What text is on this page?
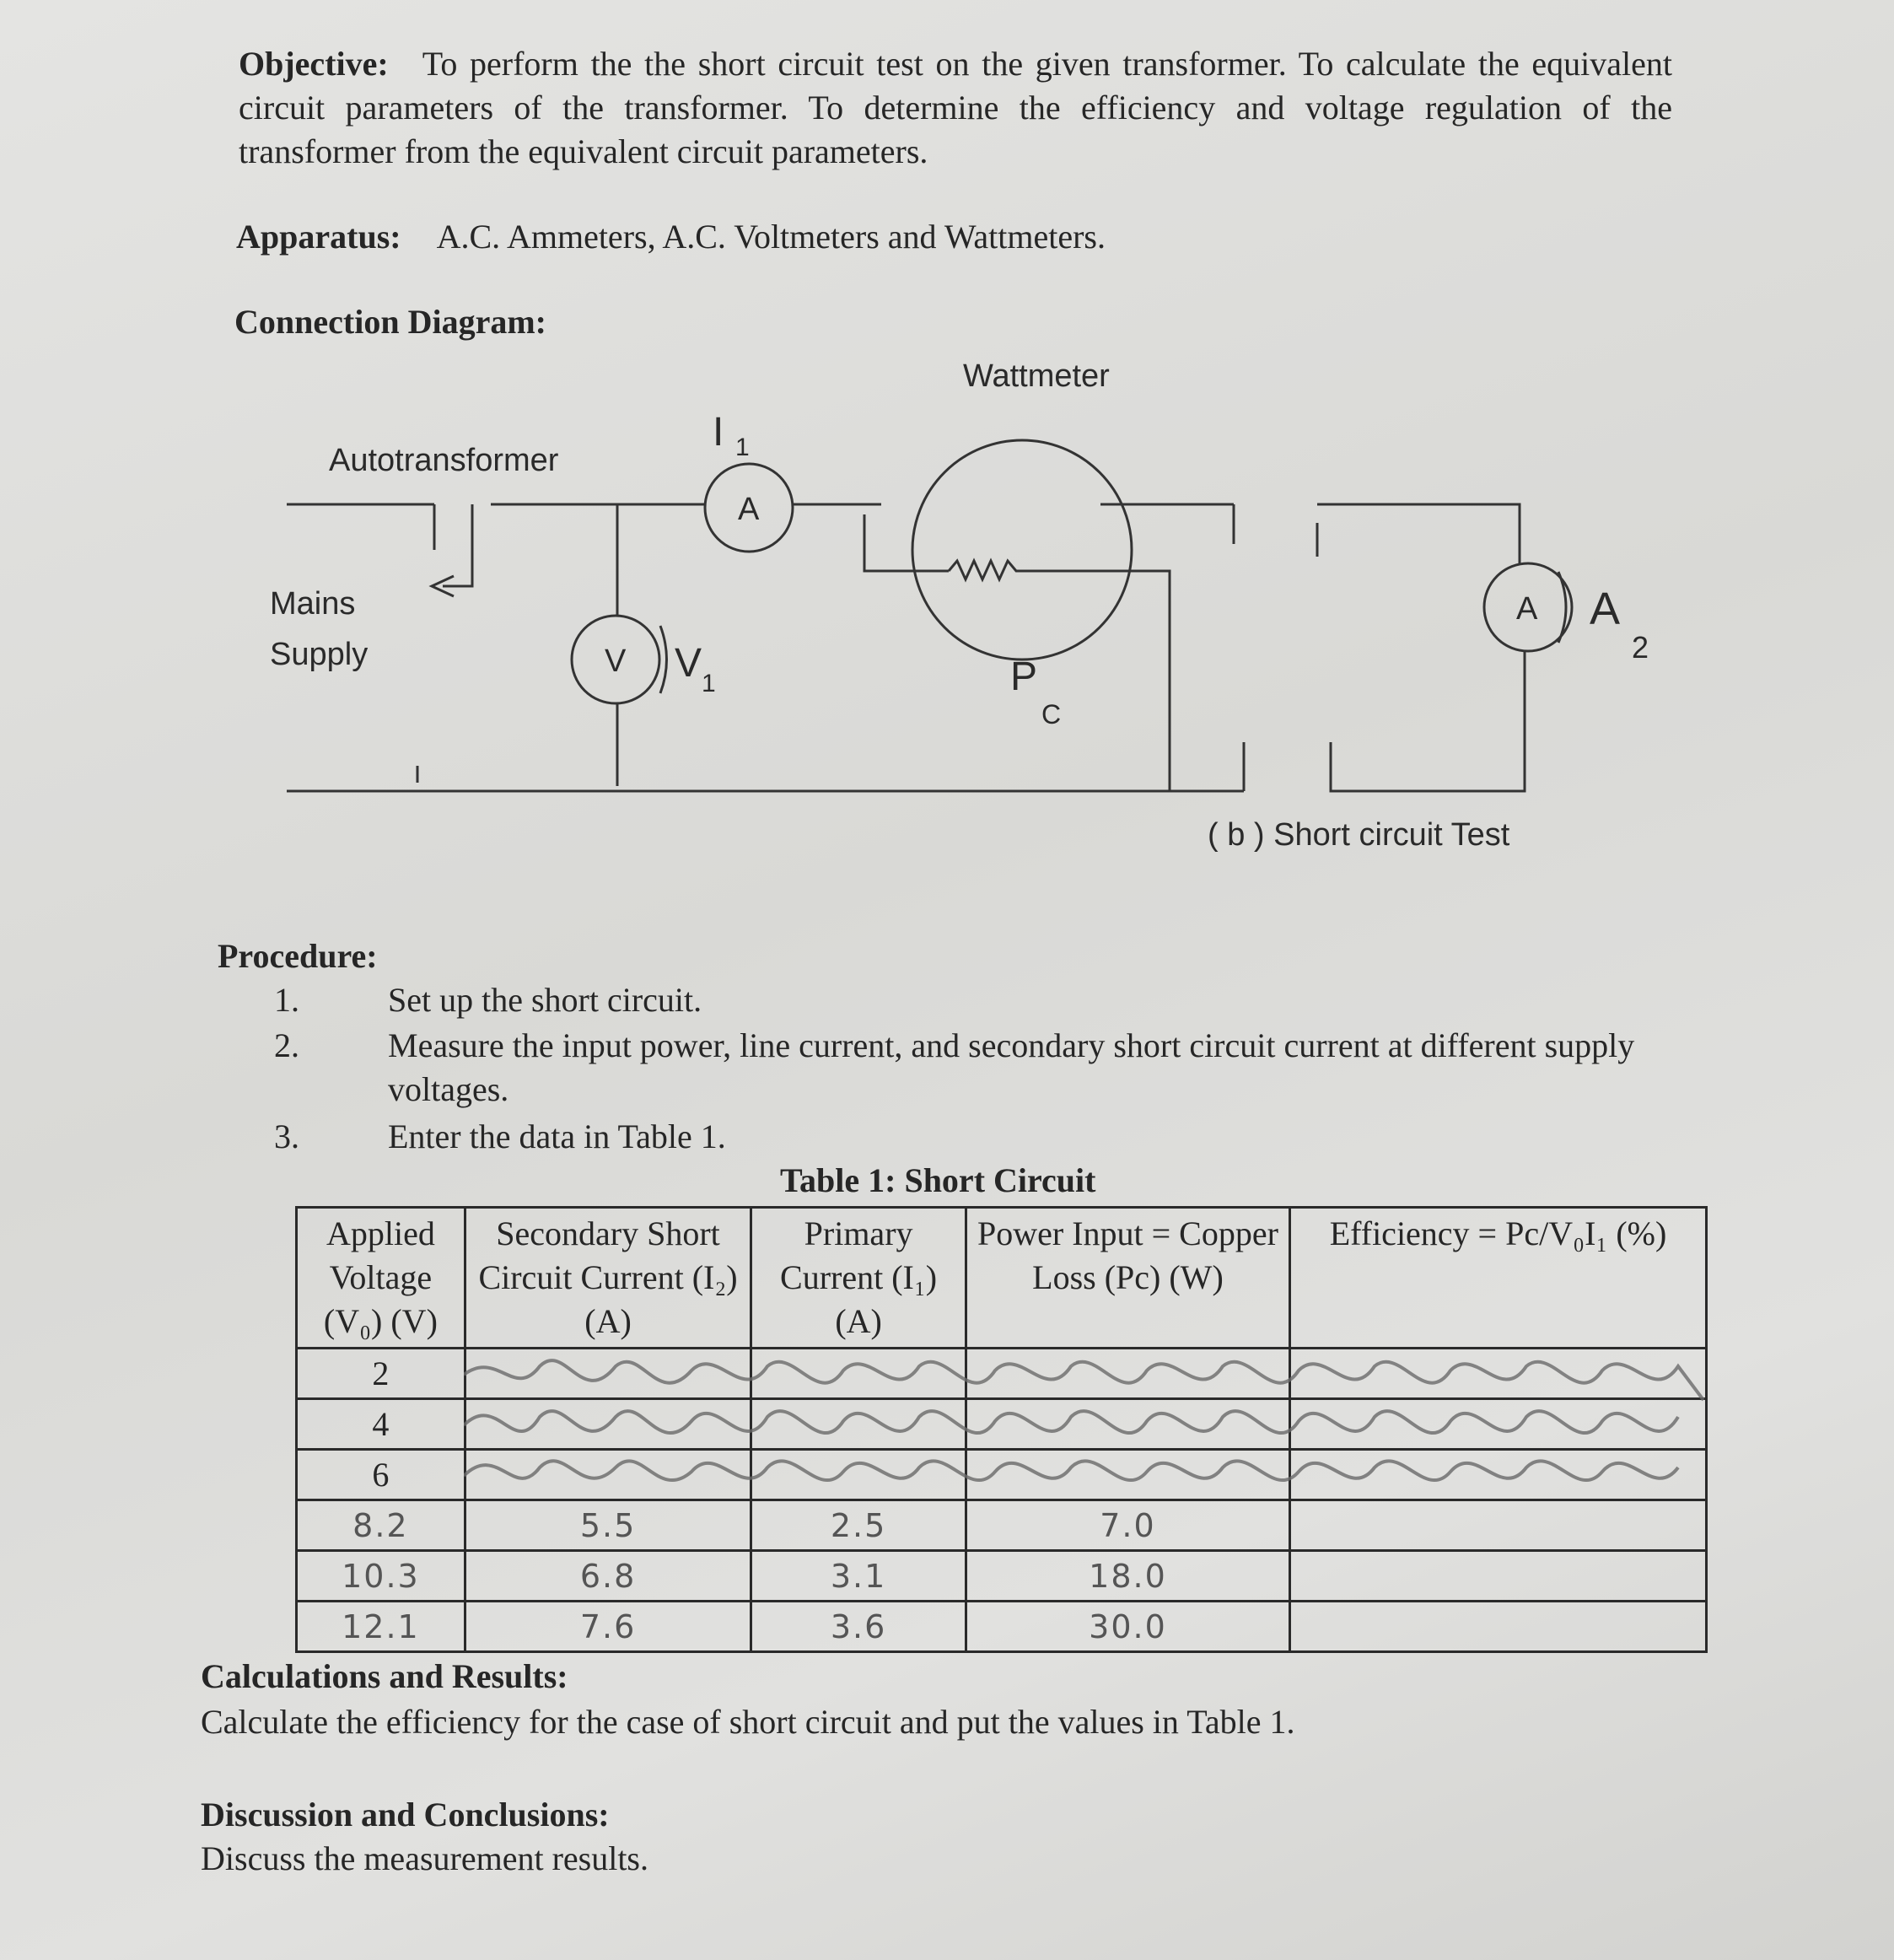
Objective: To perform the the short circuit test on the given transformer. To calculate the equivalent circuit parameters of the transformer. To determine the efficiency and voltage regulation of the transformer from the equivalent circuit parameters.
Apparatus: A.C. Ammeters, A.C. Voltmeters and Wattmeters.
Connection Diagram:
Autotransformer
Mains
Supply
Wattmeter
I 1
A
V V 1	P
C
A A
2
( b ) Short circuit Test
Procedure:
1.	Set up the short circuit.
2.	Measure the input power, line current, and secondary short circuit current at different supply voltages.
3.	Enter the data in Table 1.
Table 1: Short Circuit
Applied Voltage (V₀) (V)	Secondary Short Circuit Current (I₂) (A)	Primary Current (I₁) (A)	Power Input = Copper Loss (Pc) (W)	Efficiency = Pc/V₀I₁ (%)
2				
4				
6				
8.2	5.5	2.5	7.0	
10.3	6.8	3.1	18.0	
12.1	7.6	3.6	30.0	
Calculations and Results:
Calculate the efficiency for the case of short circuit and put the values in Table 1.
Discussion and Conclusions:
Discuss the measurement results.
